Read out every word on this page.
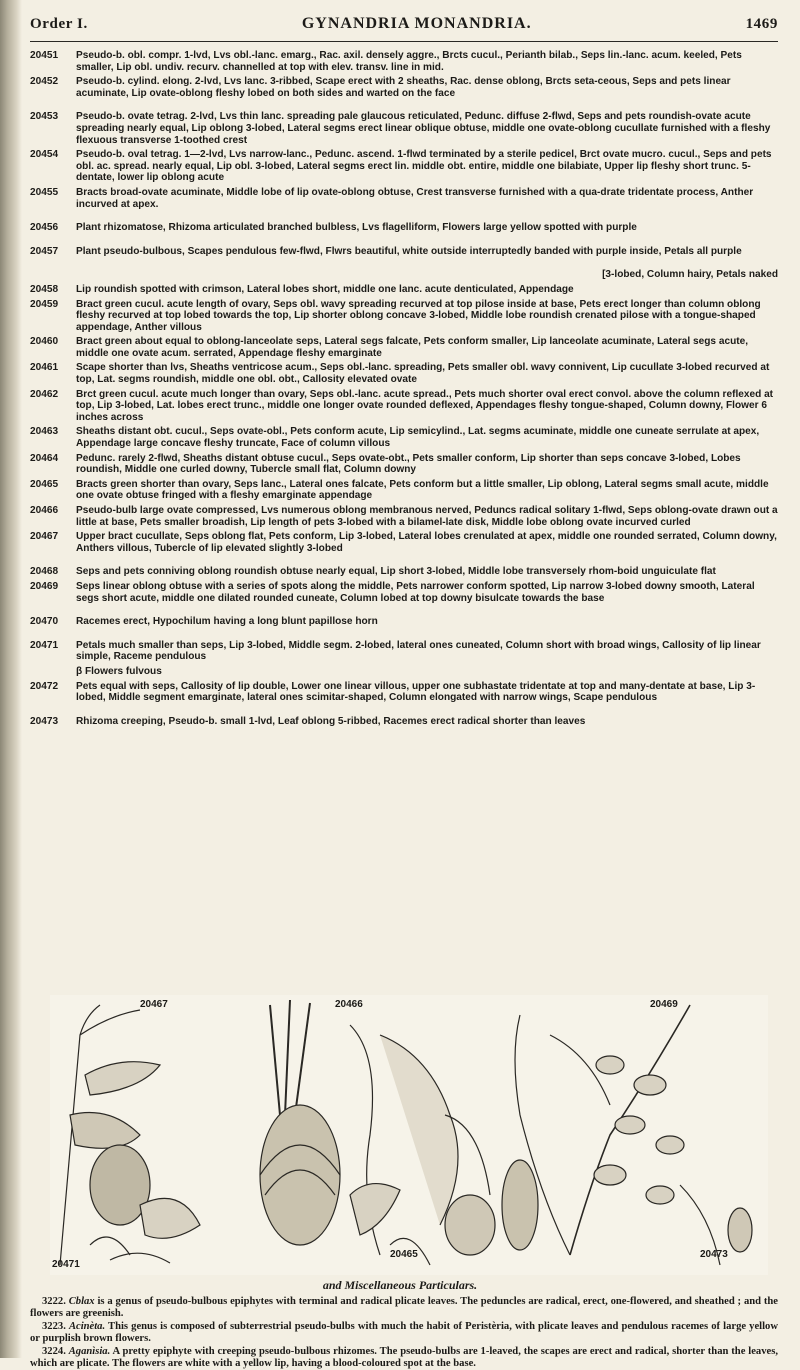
Order I.	GYNANDRIA MONANDRIA.	1469
20451	Pseudo-b. obl. compr. 1-lvd, Lvs obl.-lanc. emarg., Rac. axil. densely aggre., Brcts cucul., Perianth bilab., Seps lin.-lanc. acum. keeled, Pets smaller, Lip obl. undiv. recurv. channelled at top with elev. transv. line in mid.
20452	Pseudo-b. cylind. elong. 2-lvd, Lvs lanc. 3-ribbed, Scape erect with 2 sheaths, Rac. dense oblong, Brcts seta-ceous, Seps and pets linear acuminate, Lip ovate-oblong fleshy lobed on both sides and warted on the face
20453	Pseudo-b. ovate tetrag. 2-lvd, Lvs thin lanc. spreading pale glaucous reticulated, Pedunc. diffuse 2-flwd, Seps and pets roundish-ovate acute spreading nearly equal, Lip oblong 3-lobed, Lateral segms erect linear oblique obtuse, middle one ovate-oblong cucullate furnished with a fleshy flexuous transverse 1-toothed crest
20454	Pseudo-b. oval tetrag. 1—2-lvd, Lvs narrow-lanc., Pedunc. ascend. 1-flwd terminated by a sterile pedicel, Brct ovate mucro. cucul., Seps and pets obl. ac. spread. nearly equal, Lip obl. 3-lobed, Lateral segms erect lin. middle obt. entire, middle one bilabiate, Upper lip fleshy short trunc. 5-dentate, lower lip oblong acute
20455	Bracts broad-ovate acuminate, Middle lobe of lip ovate-oblong obtuse, Crest transverse furnished with a qua-drate tridentate process, Anther incurved at apex.
20456	Plant rhizomatose, Rhizoma articulated branched bulbless, Lvs flagelliform, Flowers large yellow spotted with purple
20457	Plant pseudo-bulbous, Scapes pendulous few-flwd, Flwrs beautiful, white outside interruptedly banded with purple inside, Petals all purple
[3-lobed, Column hairy, Petals naked
20458	Lip roundish spotted with crimson, Lateral lobes short, middle one lanc. acute denticulated, Appendage
20459	Bract green cucul. acute length of ovary, Seps obl. wavy spreading recurved at top pilose inside at base, Pets erect longer than column oblong fleshy recurved at top lobed towards the top, Lip shorter oblong concave 3-lobed, Middle lobe roundish crenated pilose with a tongue-shaped appendage, Anther villous
20460	Bract green about equal to oblong-lanceolate seps, Lateral segs falcate, Pets conform smaller, Lip lanceolate acuminate, Lateral segs acute, middle one ovate acum. serrated, Appendage fleshy emarginate
20461	Scape shorter than lvs, Sheaths ventricose acum., Seps obl.-lanc. spreading, Pets smaller obl. wavy connivent, Lip cucullate 3-lobed recurved at top, Lat. segms roundish, middle one obl. obt., Callosity elevated ovate
20462	Brct green cucul. acute much longer than ovary, Seps obl.-lanc. acute spread., Pets much shorter oval erect convol. above the column reflexed at top, Lip 3-lobed, Lat. lobes erect trunc., middle one longer ovate rounded deflexed, Appendages fleshy tongue-shaped, Column downy, Flower 6 inches across
20463	Sheaths distant obt. cucul., Seps ovate-obl., Pets conform acute, Lip semicylind., Lat. segms acuminate, middle one cuneate serrulate at apex, Appendage large concave fleshy truncate, Face of column villous
20464	Pedunc. rarely 2-flwd, Sheaths distant obtuse cucul., Seps ovate-obt., Pets smaller conform, Lip shorter than seps concave 3-lobed, Lobes roundish, Middle one curled downy, Tubercle small flat, Column downy
20465	Bracts green shorter than ovary, Seps lanc., Lateral ones falcate, Pets conform but a little smaller, Lip oblong, Lateral segms small acute, middle one ovate obtuse fringed with a fleshy emarginate appendage
20466	Pseudo-bulb large ovate compressed, Lvs numerous oblong membranous nerved, Peduncs radical solitary 1-flwd, Seps oblong-ovate drawn out a little at base, Pets smaller broadish, Lip length of pets 3-lobed with a bilamel-late disk, Middle lobe oblong ovate incurved curled
20467	Upper bract cucullate, Seps oblong flat, Pets conform, Lip 3-lobed, Lateral lobes crenulated at apex, middle one rounded serrated, Column downy, Anthers villous, Tubercle of lip elevated slightly 3-lobed
20468	Seps and pets conniving oblong roundish obtuse nearly equal, Lip short 3-lobed, Middle lobe transversely rhom-boid unguiculate flat
20469	Seps linear oblong obtuse with a series of spots along the middle, Pets narrower conform spotted, Lip narrow 3-lobed downy smooth, Lateral segs short acute, middle one dilated rounded cuneate, Column lobed at top downy bisulcate towards the base
20470	Racemes erect, Hypochilum having a long blunt papillose horn
20471	Petals much smaller than seps, Lip 3-lobed, Middle segm. 2-lobed, lateral ones cuneated, Column short with broad wings, Callosity of lip linear simple, Raceme pendulous
β Flowers fulvous
20472	Pets equal with seps, Callosity of lip double, Lower one linear villous, upper one subhastate tridentate at top and many-dentate at base, Lip 3-lobed, Middle segment emarginate, lateral ones scimitar-shaped, Column elongated with narrow wings, Scape pendulous
20473	Rhizoma creeping, Pseudo-b. small 1-lvd, Leaf oblong 5-ribbed, Racemes erect radical shorter than leaves
20467	20466	20469
20471
20465	20473
and Miscellaneous Particulars.

3222. Cblax is a genus of pseudo-bulbous epiphytes with terminal and radical plicate leaves. The peduncles are radical, erect, one-flowered, and sheathed ; and the flowers are greenish.

3223. Acinèta. This genus is composed of subterrestrial pseudo-bulbs with much the habit of Peristèria, with plicate leaves and pendulous racemes of large yellow or purplish brown flowers.

3224. Aganìsia. A pretty epiphyte with creeping pseudo-bulbous rhizomes. The pseudo-bulbs are 1-leaved, the scapes are erect and radical, shorter than the leaves, which are plicate. The flowers are white with a yellow lip, having a blood-coloured spot at the base.
